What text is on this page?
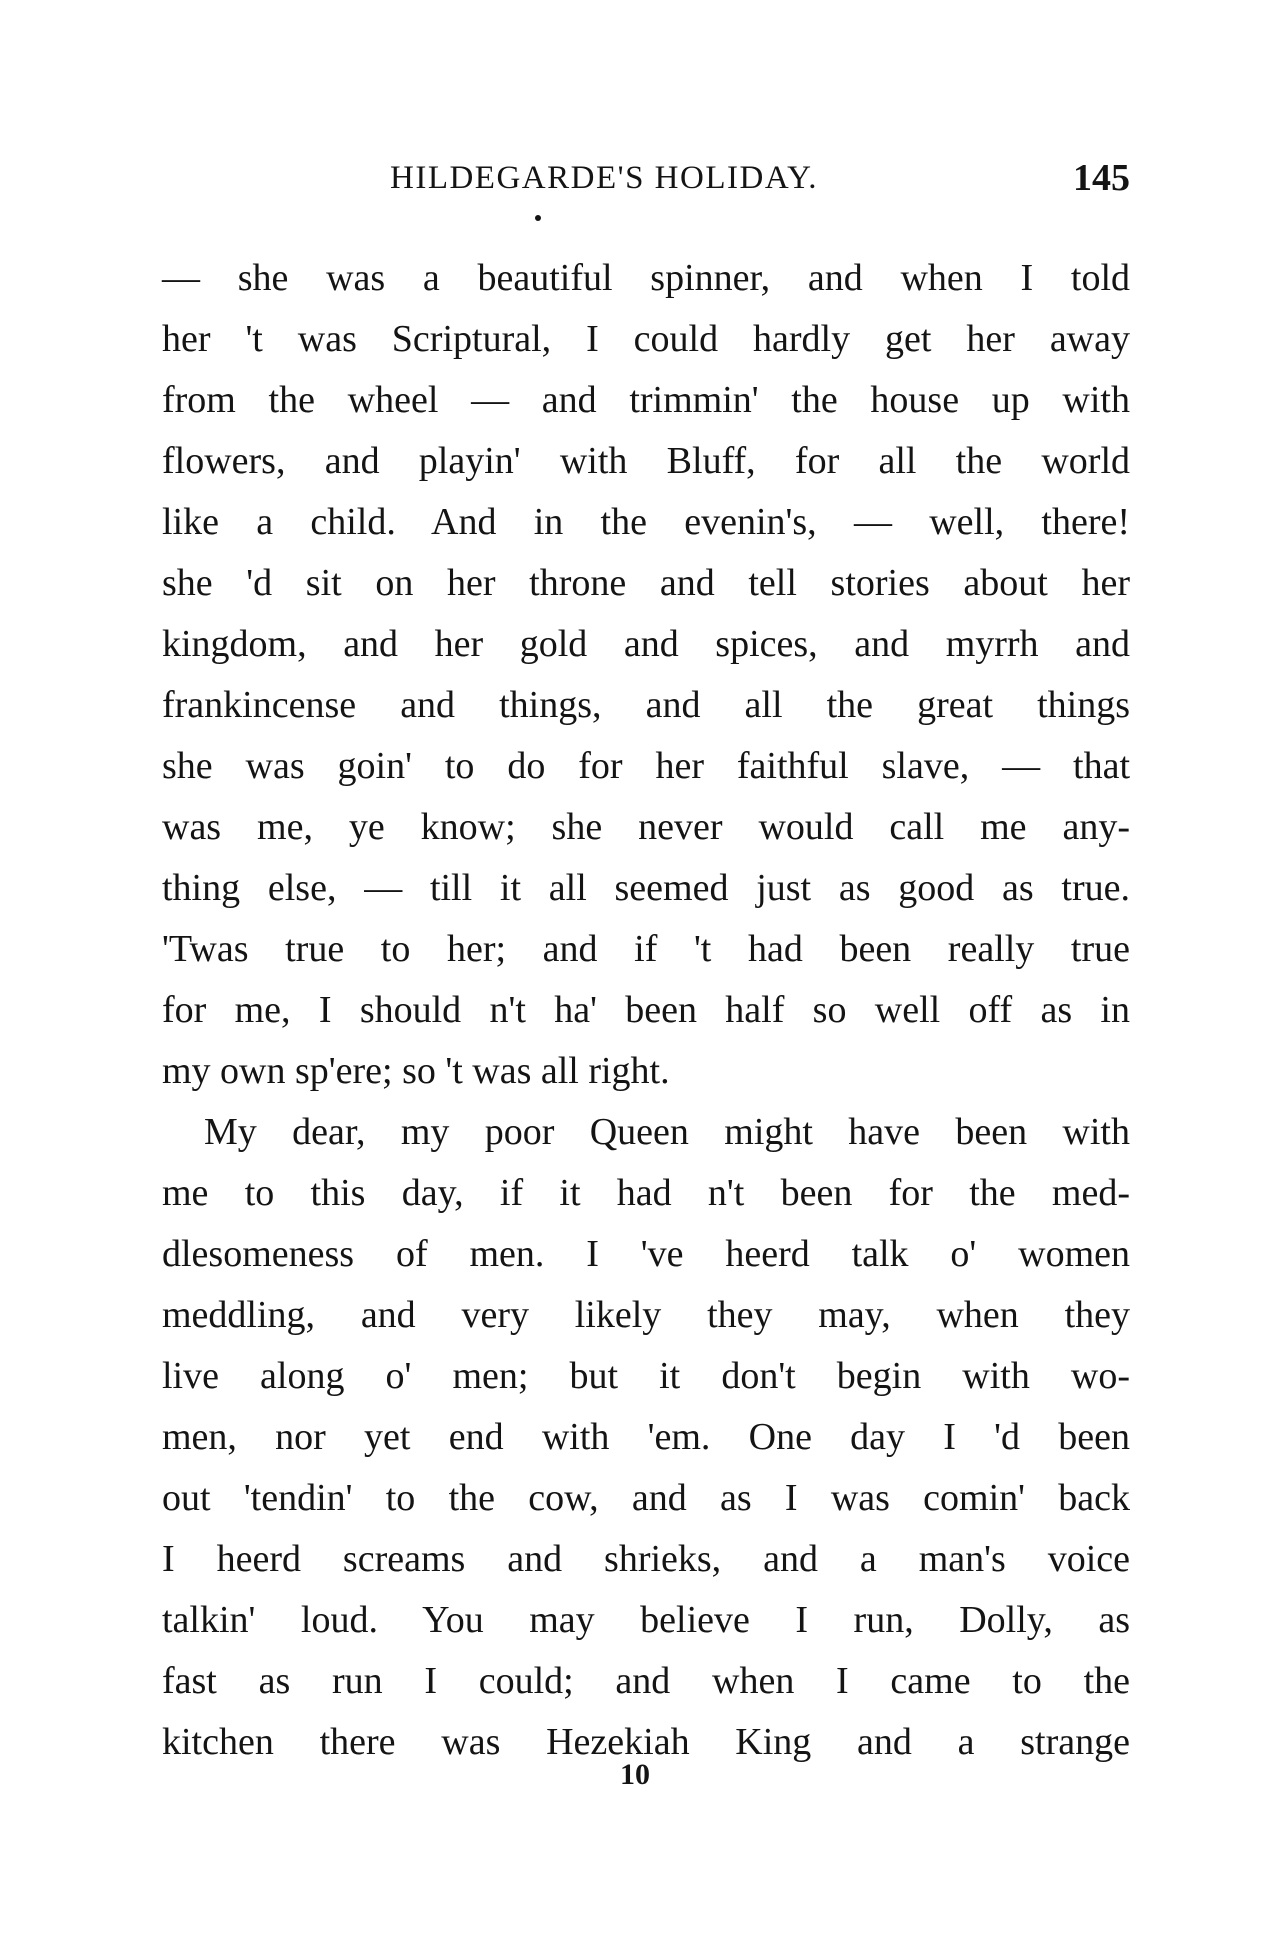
HILDEGARDE'S HOLIDAY.	145
— she was a beautiful spinner, and when I told
her 't was Scriptural, I could hardly get her away
from the wheel — and trimmin' the house up with
flowers, and playin' with Bluff, for all the world
like a child. And in the evenin's, — well, there!
she 'd sit on her throne and tell stories about her
kingdom, and her gold and spices, and myrrh and
frankincense and things, and all the great things
she was goin' to do for her faithful slave, — that
was me, ye know; she never would call me any-
thing else, — till it all seemed just as good as true.
'Twas true to her; and if 't had been really true
for me, I should n't ha' been half so well off as in
my own sp'ere; so 't was all right.
My dear, my poor Queen might have been with
me to this day, if it had n't been for the med-
dlesomeness of men. I 've heerd talk o' women
meddling, and very likely they may, when they
live along o' men; but it don't begin with wo-
men, nor yet end with 'em. One day I 'd been
out 'tendin' to the cow, and as I was comin' back
I heerd screams and shrieks, and a man's voice
talkin' loud. You may believe I run, Dolly, as
fast as run I could; and when I came to the
kitchen there was Hezekiah King and a strange
10
